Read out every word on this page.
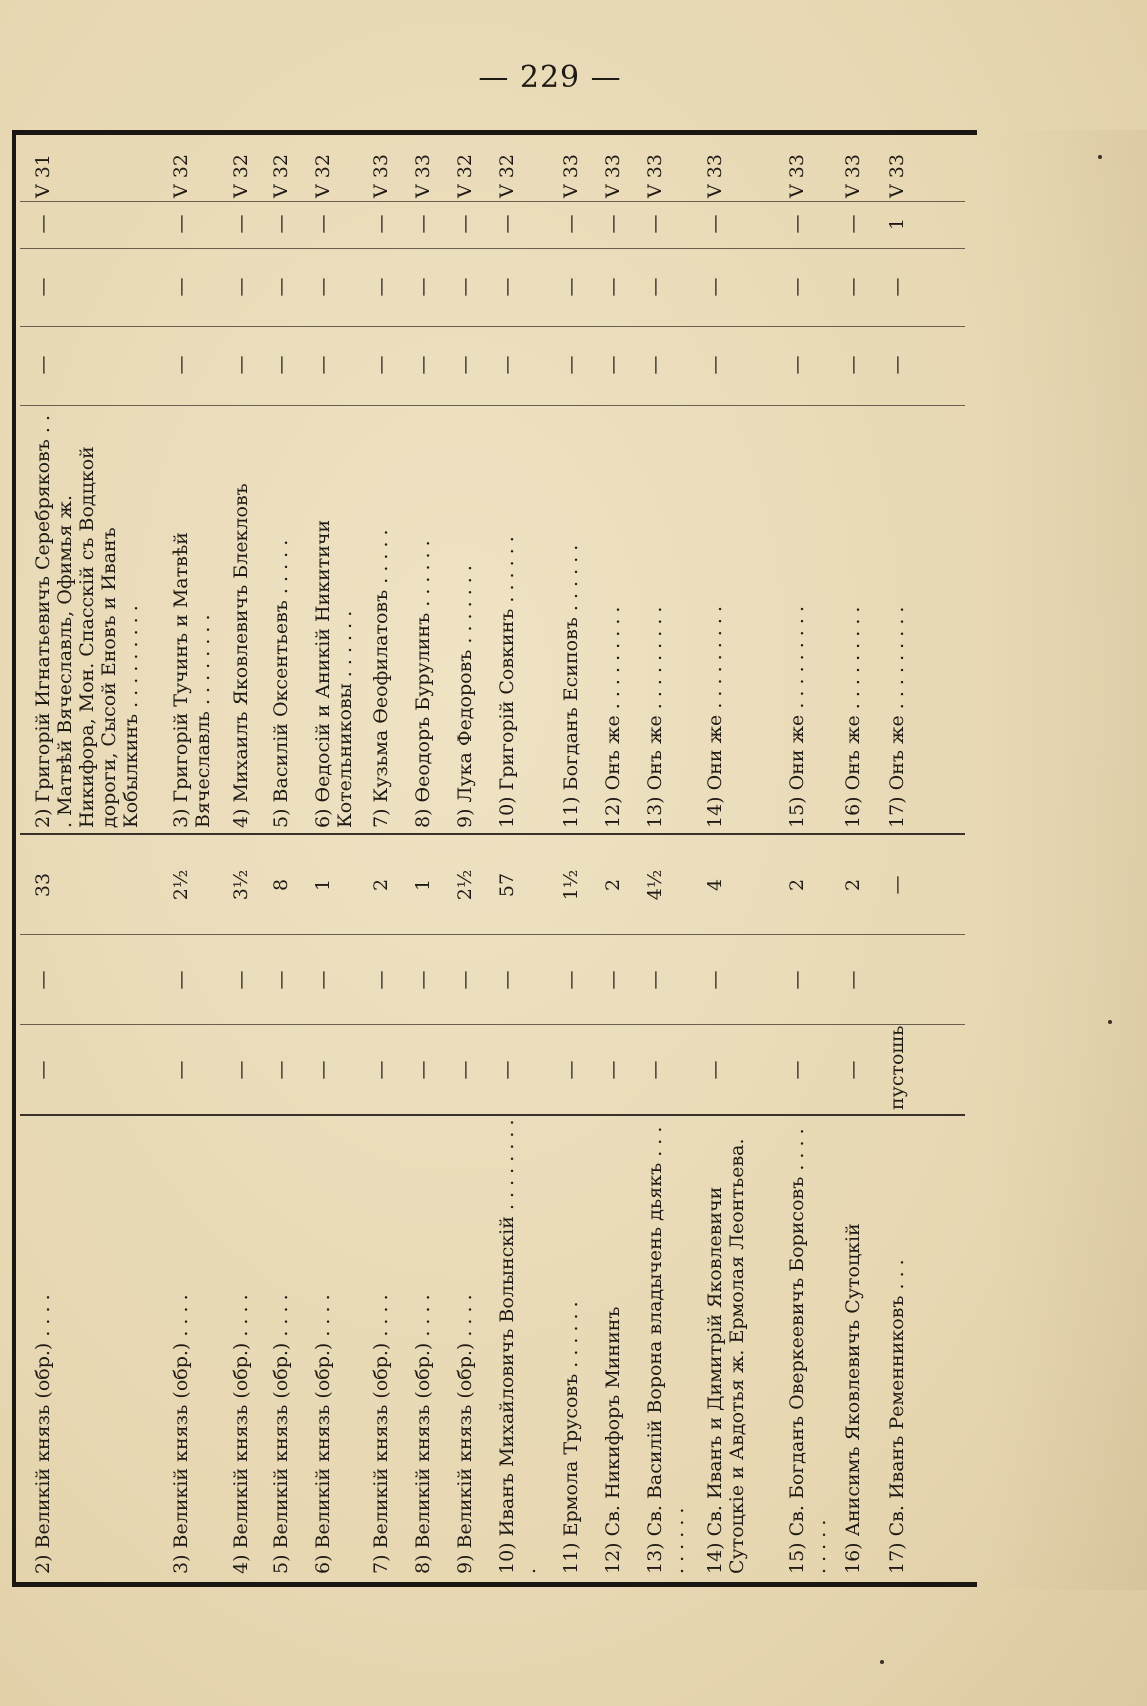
— 229 —
2) Великій князь (обр.) . . . .
—
—
33
2) Григорій Игнатьевичъ Серебряковъ . . . Матвѣй Вячеславль, Офимья ж. Никифора, Мон. Спасскій съ Водцкой дороги, Сысой Еновъ и Иванъ Кобылкинъ . . . . . . . . .
—
—
—
V 31
3) Великій князь (обр.) . . . .
—
—
2½
3) Григорій Тучинъ и Матвѣй Вячеславль . . . . . . . .
—
—
—
V 32
4) Великій князь (обр.) . . . .
—
—
3½
4) Михаилъ Яковлевичъ Блекловъ
—
—
—
V 32
5) Великій князь (обр.) . . . .
—
—
8
5) Василій Оксентьевъ . . . . .
—
—
—
V 32
6) Великій князь (обр.) . . . .
—
—
1
6) Ѳедосій и Аникій Никитичи Котельниковы . . . . . .
—
—
—
V 32
7) Великій князь (обр.) . . . .
—
—
2
7) Кузьма Ѳеофилатовъ . . . . .
—
—
—
V 33
8) Великій князь (обр.) . . . .
—
—
1
8) Ѳеодоръ Бурулинъ . . . . . .
—
—
—
V 33
9) Великій князь (обр.) . . . .
—
—
2½
9) Лука Федоровъ . . . . . . .
—
—
—
V 32
10) Иванъ Михайловичъ Волынскій . . . . . . . . .
—
—
57
10) Григорій Совкинъ . . . . . .
—
—
—
V 32
11) Ермола Трусовъ . . . . . .
—
—
1½
11) Богданъ Есиповъ . . . . . .
—
—
—
V 33
12) Св. Никифоръ Мининъ
—
—
2
12) Онъ же . . . . . . . . .
—
—
—
V 33
13) Св. Василій Ворона владычень дьякъ . . . . . . . . .
—
—
4½
13) Онъ же . . . . . . . . .
—
—
—
V 33
14) Св. Иванъ и Димитрій Яковлевичи Сутоцкіе и Авдотья ж. Ермолая Леонтьева.
—
—
4
14) Они же . . . . . . . . .
—
—
—
V 33
15) Св. Богданъ Оверкеевичъ Борисовъ . . . . . . . . .
—
—
2
15) Они же . . . . . . . . .
—
—
—
V 33
16) Анисимъ Яковлевичъ Сутоцкій
—
—
2
16) Онъ же . . . . . . . . .
—
—
—
V 33
17) Св. Иванъ Ременниковъ . . .
пустошь
—
17) Онъ же . . . . . . . . .
—
—
1
V 33
